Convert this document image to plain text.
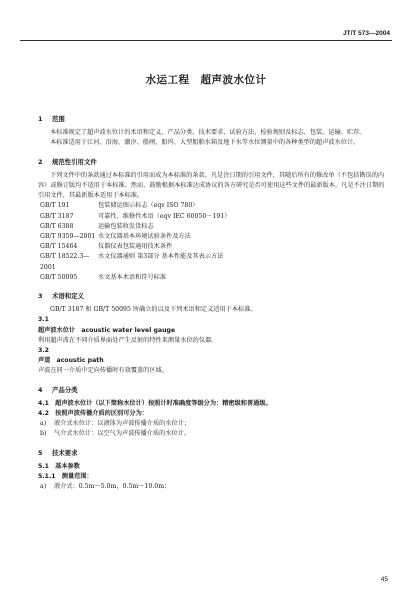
JT/T 573—2004
水运工程　超声波水位计

1 范围

本标准规定了超声波水位计的术语和定义、产品分类、技术要求、试验方法、检验规则及标志、包装、运输、贮存。

本标准适用于江河、沿海、潮汐、船闸、船坞、大型船舶水箱及地下水等水位测量中的各种类型的超声波水位计。

2 规范性引用文件

下列文件中的条款通过本标准的引用而成为本标准的条款。凡是注日期的引用文件，其随后所有的修改单（不包括勘误的内容）或修订版均不适用于本标准，然而，鼓励根据本标准达成协议的各方研究是否可使用这些文件的最新版本。凡是不注日期的引用文件，其最新版本适用于本标准。

GB/T 191	包装储运图示标志（eqv ISO 780）
GB/T 3187	可靠性、维修性术语（eqv IEC 60050－191）
GB/T 6388	运输包装收发货标志
GB/T 9359—2001 水文仪器基本环境试验条件及方法
GB/T 15464	仪器仪表包装通用技术条件
GB/T 18522.3—2001
水文仪器通则 第3部分 基本性能及其表示方法
GB/T 50095	水文基本术语和符号标准

3 术语和定义

GB/T 3187 和 GB/T 50095 所确立的以及下列术语和定义适用于本标准。

3.1

超声波水位计　acoustic water level gauge

利用超声波在不同介质界面处产生反射的特性来测量水位的仪器。

3.2

声道　acoustic path

声波在同一介质中定向传播时有效覆盖的区域。

4 产品分类

4.1　超声波水位计（以下简称水位计）按照计时准确度等级分为：精密级和普通级。

4.2　按照声波传播介质的区别可分为：

a) 液介式水位计：以液体为声波传播介质的水位计；

b) 气介式水位计：以空气为声波传播介质的水位计。

5 技术要求

5.1　基本参数

5.1.1　测量范围：

a) 液介式：0.5m～5.0m，0.5m～10.0m；

45
